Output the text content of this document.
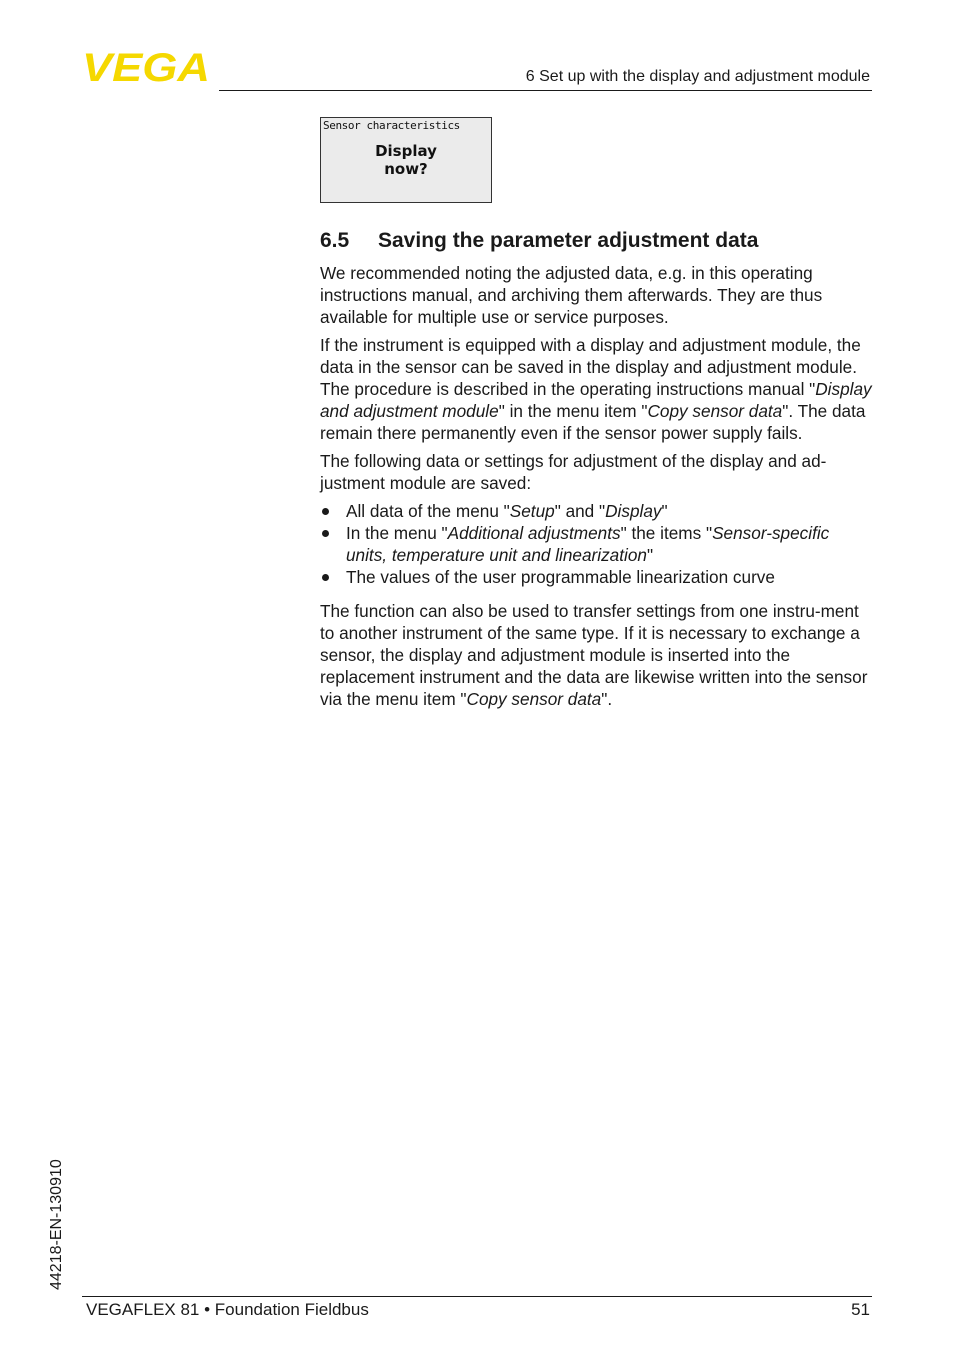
VEGA	6 Set up with the display and adjustment module
Sensor characteristics
Display
now?
6.5 Saving the parameter adjustment data

We recommended noting the adjusted data, e.g. in this operating instructions manual, and archiving them afterwards. They are thus available for multiple use or service purposes.

If the instrument is equipped with a display and adjustment module, the data in the sensor can be saved in the display and adjustment module. The procedure is described in the operating instructions manual "Display and adjustment module" in the menu item "Copy sensor data". The data remain there permanently even if the sensor power supply fails.

The following data or settings for adjustment of the display and ad-justment module are saved:

All data of the menu "Setup" and "Display"
In the menu "Additional adjustments" the items "Sensor-specific units, temperature unit and linearization"
The values of the user programmable linearization curve

The function can also be used to transfer settings from one instru-ment to another instrument of the same type. If it is necessary to exchange a sensor, the display and adjustment module is inserted into the replacement instrument and the data are likewise written into the sensor via the menu item "Copy sensor data".

44218-EN-130910
VEGAFLEX 81 • Foundation Fieldbus	51
